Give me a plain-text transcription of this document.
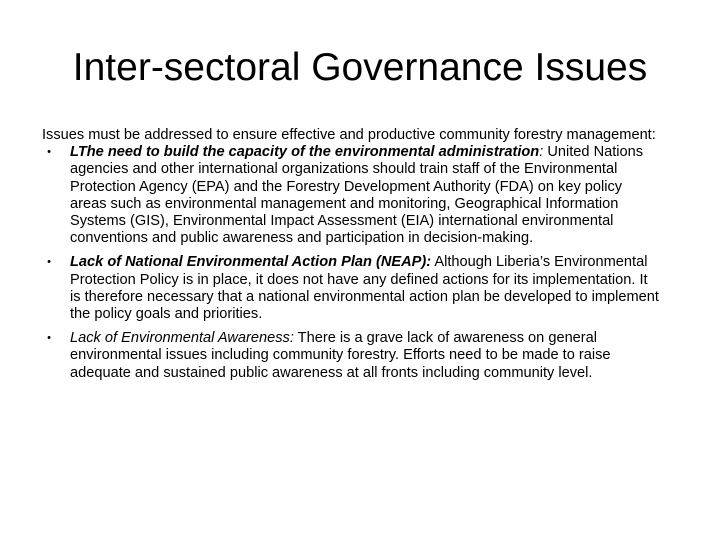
Inter-sectoral Governance Issues

Issues must be addressed to ensure effective and productive community forestry management:

•	LThe need to build the capacity of the environmental administration: United Nations agencies and other international organizations should train staff of the Environmental Protection Agency (EPA) and the Forestry Development Authority (FDA) on key policy areas such as environmental management and monitoring, Geographical Information Systems (GIS), Environmental Impact Assessment (EIA) international environmental conventions and public awareness and participation in decision-making.
•	Lack of National Environmental Action Plan (NEAP): Although Liberia’s Environmental Protection Policy is in place, it does not have any defined actions for its implementation. It is therefore necessary that a national environmental action plan be developed to implement the policy goals and priorities.
•	Lack of Environmental Awareness: There is a grave lack of awareness on general environmental issues including community forestry. Efforts need to be made to raise adequate and sustained public awareness at all fronts including community level.
